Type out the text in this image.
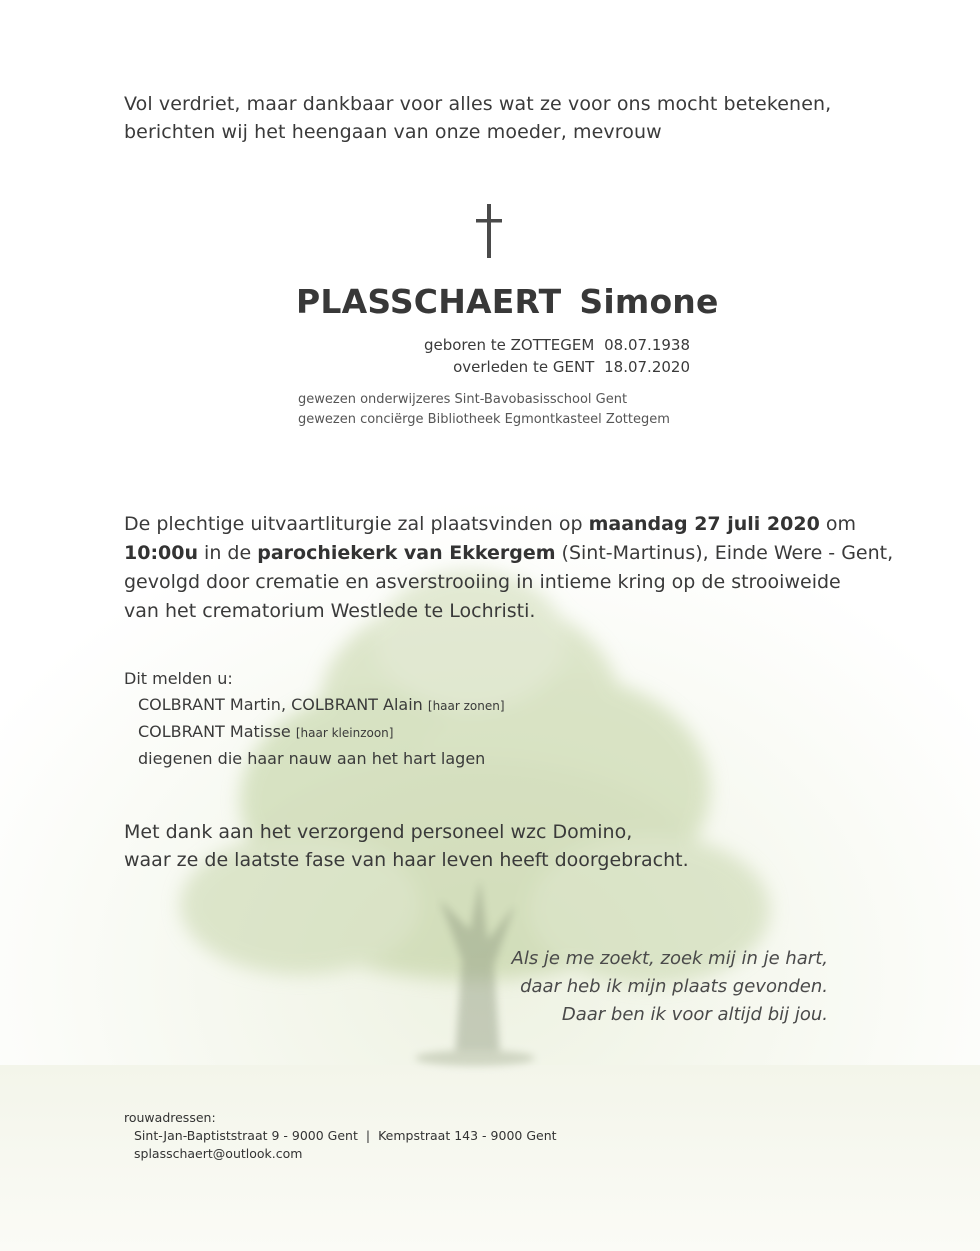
Vol verdriet, maar dankbaar voor alles wat ze voor ons mocht betekenen,
berichten wij het heengaan van onze moeder, mevrouw
PLASSCHAERT Simone
geboren te ZOTTEGEM 08.07.1938
overleden te GENT 18.07.2020
gewezen onderwijzeres Sint-Bavobasisschool Gent
gewezen conciërge Bibliotheek Egmontkasteel Zottegem
De plechtige uitvaartliturgie zal plaatsvinden op maandag 27 juli 2020 om
10:00u in de parochiekerk van Ekkergem (Sint-Martinus), Einde Were - Gent,
gevolgd door crematie en asverstrooiing in intieme kring op de strooiweide
van het crematorium Westlede te Lochristi.
Dit melden u:
COLBRANT Martin, COLBRANT Alain [haar zonen]
COLBRANT Matisse [haar kleinzoon]
diegenen die haar nauw aan het hart lagen
Met dank aan het verzorgend personeel wzc Domino,
waar ze de laatste fase van haar leven heeft doorgebracht.
Als je me zoekt, zoek mij in je hart,
daar heb ik mijn plaats gevonden.
Daar ben ik voor altijd bij jou.
rouwadressen:
Sint-Jan-Baptiststraat 9 - 9000 Gent | Kempstraat 143 - 9000 Gent
splasschaert@outlook.com
